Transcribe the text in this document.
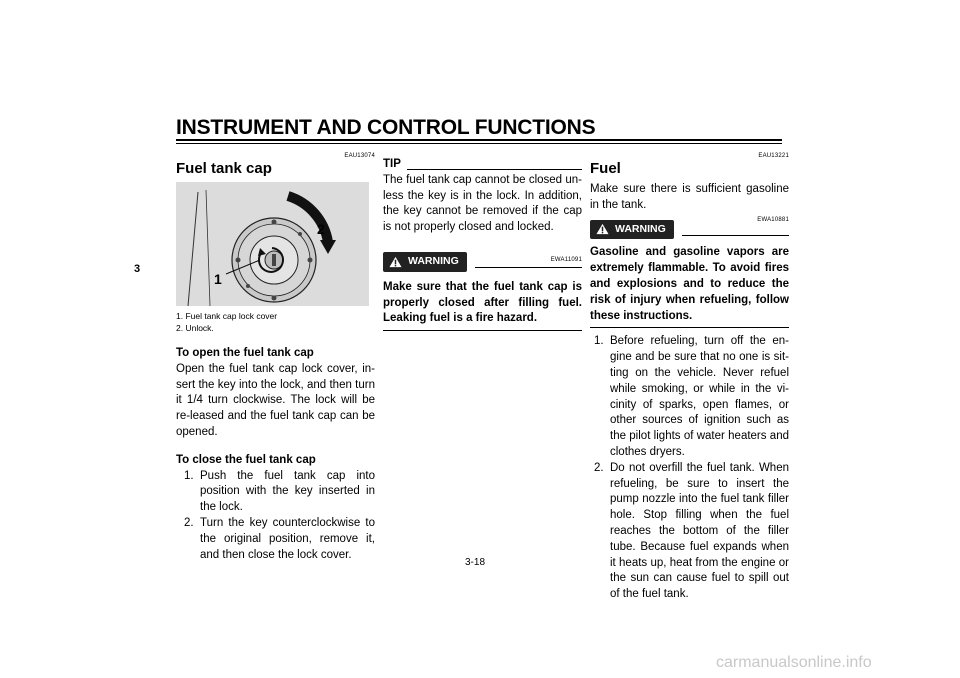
INSTRUMENT AND CONTROL FUNCTIONS
3
EAU13074
Fuel tank cap
2
1
1. Fuel tank cap lock cover
2. Unlock.
To open the fuel tank cap
Open the fuel tank cap lock cover, in-sert the key into the lock, and then turn it 1/4 turn clockwise. The lock will be re-leased and the fuel tank cap can be opened.
To close the fuel tank cap
1. Push the fuel tank cap into position with the key inserted in the lock.
2. Turn the key counterclockwise to the original position, remove it, and then close the lock cover.
TIP
The fuel tank cap cannot be closed un-less the key is in the lock. In addition, the key cannot be removed if the cap is not properly closed and locked.
EWA11091
WARNING
Make sure that the fuel tank cap is properly closed after filling fuel. Leaking fuel is a fire hazard.
EAU13221
Fuel
Make sure there is sufficient gasoline in the tank.
EWA10881
WARNING
Gasoline and gasoline vapors are extremely flammable. To avoid fires and explosions and to reduce the risk of injury when refueling, follow these instructions.
1. Before refueling, turn off the en-gine and be sure that no one is sit-ting on the vehicle. Never refuel while smoking, or while in the vi-cinity of sparks, open flames, or other sources of ignition such as the pilot lights of water heaters and clothes dryers.
2. Do not overfill the fuel tank. When refueling, be sure to insert the pump nozzle into the fuel tank filler hole. Stop filling when the fuel reaches the bottom of the filler tube. Because fuel expands when it heats up, heat from the engine or the sun can cause fuel to spill out of the fuel tank.
3-18
carmanualsonline.info
